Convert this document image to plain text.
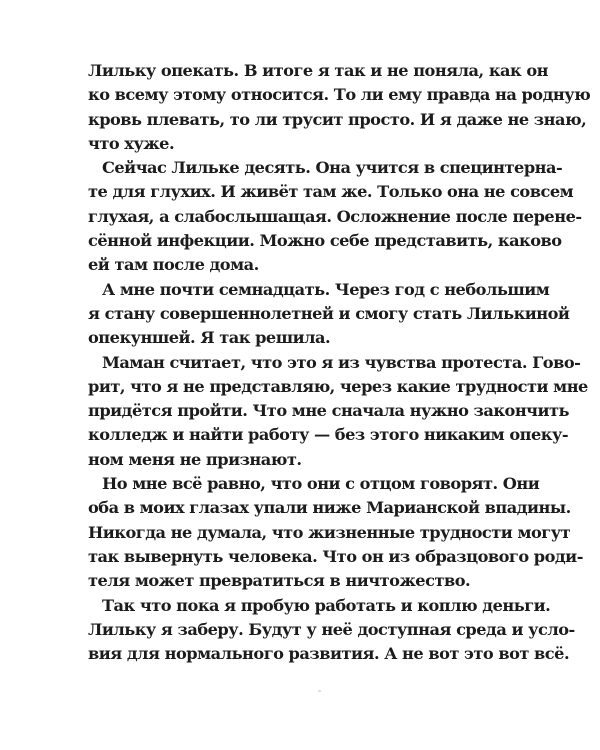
Лильку опекать. В итоге я так и не поняла, как он
ко всему этому относится. То ли ему правда на родную
кровь плевать, то ли трусит просто. И я даже не знаю,
что хуже.
Сейчас Лильке десять. Она учится в специнтерна-
те для глухих. И живёт там же. Только она не совсем
глухая, а слабослышащая. Осложнение после перене-
сённой инфекции. Можно себе представить, каково
ей там после дома.
А мне почти семнадцать. Через год с небольшим
я стану совершеннолетней и смогу стать Лилькиной
опекуншей. Я так решила.
Маман считает, что это я из чувства протеста. Гово-
рит, что я не представляю, через какие трудности мне
придётся пройти. Что мне сначала нужно закончить
колледж и найти работу — без этого никаким опеку-
ном меня не признают.
Но мне всё равно, что они с отцом говорят. Они
оба в моих глазах упали ниже Марианской впадины.
Никогда не думала, что жизненные трудности могут
так вывернуть человека. Что он из образцового роди-
теля может превратиться в ничтожество.
Так что пока я пробую работать и коплю деньги.
Лильку я заберу. Будут у неё доступная среда и усло-
вия для нормального развития. А не вот это вот всё.
